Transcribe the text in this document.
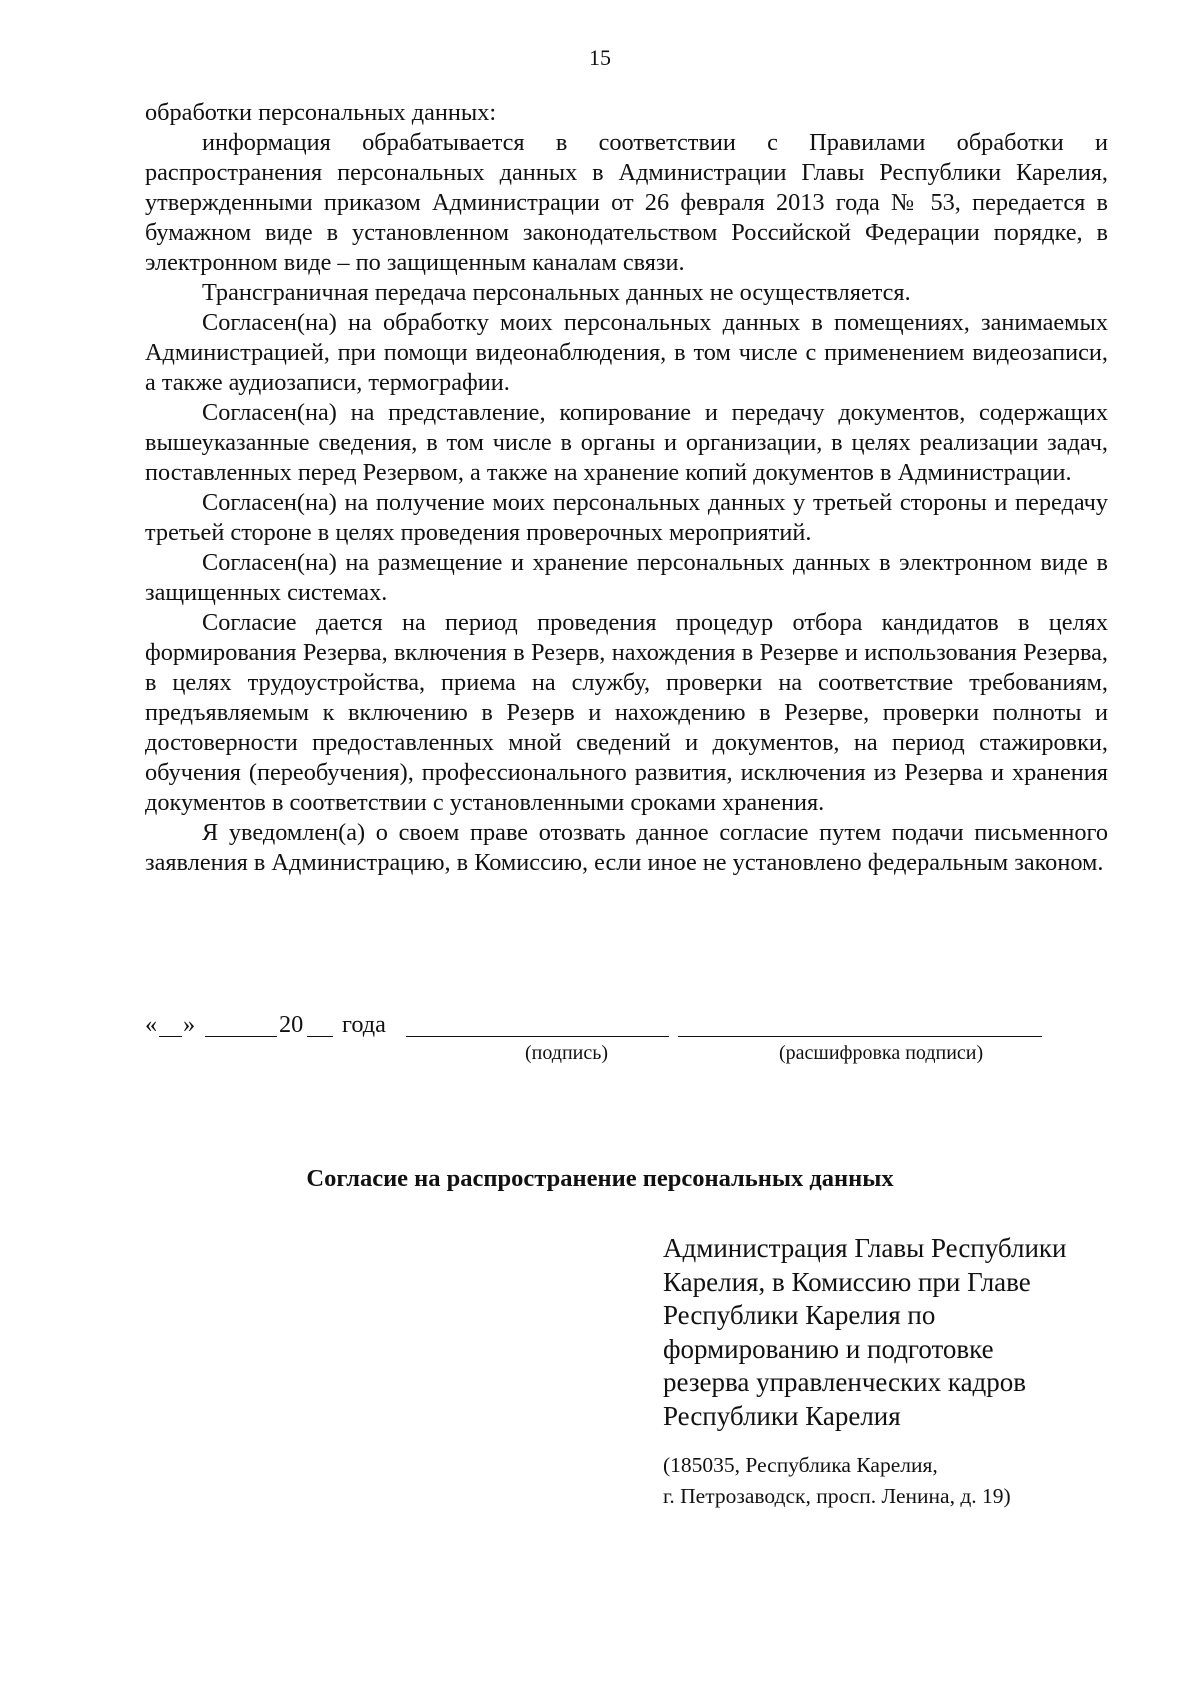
15

обработки персональных данных:

информация обрабатывается в соответствии с Правилами обработки и распространения персональных данных в Администрации Главы Республики Карелия, утвержденными приказом Администрации от 26 февраля 2013 года № 53, передается в бумажном виде в установленном законодательством Российской Федерации порядке, в электронном виде – по защищенным каналам связи.

Трансграничная передача персональных данных не осуществляется.

Согласен(на) на обработку моих персональных данных в помещениях, занимаемых Администрацией, при помощи видеонаблюдения, в том числе с применением видеозаписи, а также аудиозаписи, термографии.

Согласен(на) на представление, копирование и передачу документов, содержащих вышеуказанные сведения, в том числе в органы и организации, в целях реализации задач, поставленных перед Резервом, а также на хранение копий документов в Администрации.

Согласен(на) на получение моих персональных данных у третьей стороны и передачу третьей стороне в целях проведения проверочных мероприятий.

Согласен(на) на размещение и хранение персональных данных в электронном виде в защищенных системах.

Согласие дается на период проведения процедур отбора кандидатов в целях формирования Резерва, включения в Резерв, нахождения в Резерве и использования Резерва, в целях трудоустройства, приема на службу, проверки на соответствие требованиям, предъявляемым к включению в Резерв и нахождению в Резерве, проверки полноты и достоверности предоставленных мной сведений и документов, на период стажировки, обучения (переобучения), профессионального развития, исключения из Резерва и хранения документов в соответствии с установленными сроками хранения.

Я уведомлен(а) о своем праве отозвать данное согласие путем подачи письменного заявления в Администрацию, в Комиссию, если иное не установлено федеральным законом.

« »	20 года
(подпись)	(расшифровка подписи)
Согласие на распространение персональных данных
Администрация Главы Республики
Карелия, в Комиссию при Главе
Республики Карелия по
формированию и подготовке
резерва управленческих кадров
Республики Карелия
(185035, Республика Карелия,
г. Петрозаводск, просп. Ленина, д. 19)
